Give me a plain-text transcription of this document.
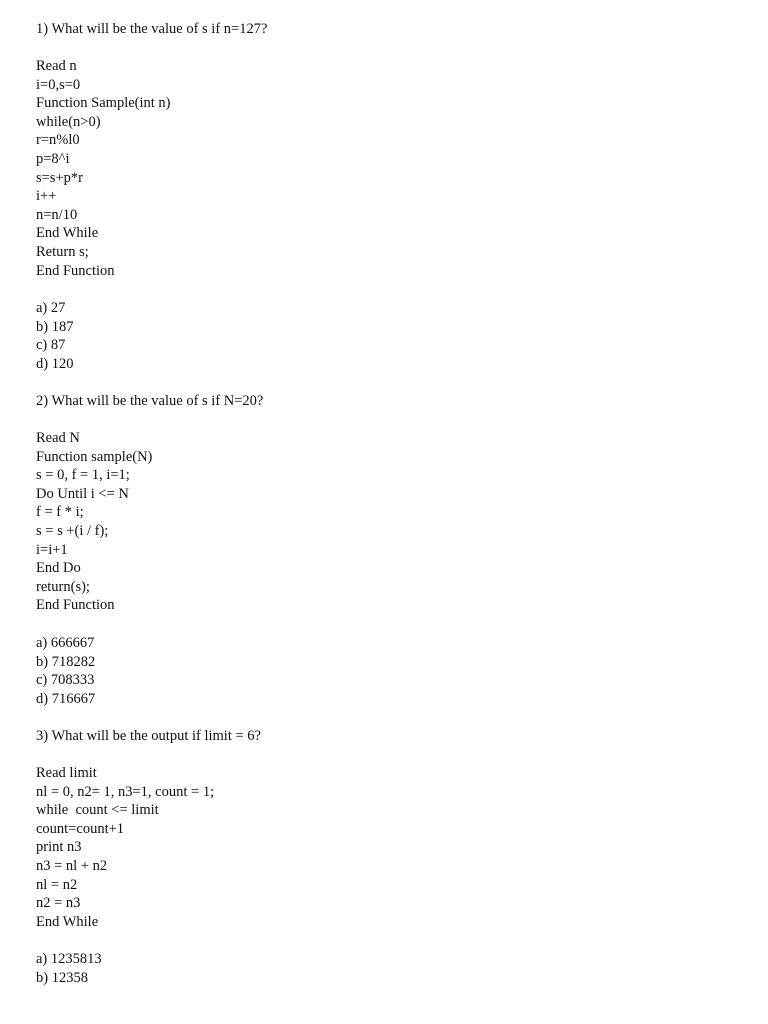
1) What will be the value of s if n=127?
Read n
i=0,s=0
Function Sample(int n)
while(n>0)
r=n%l0
p=8^i
s=s+p*r
i++
n=n/10
End While
Return s;
End Function
a) 27
b) 187
c) 87
d) 120
2) What will be the value of s if N=20?
Read N
Function sample(N)
s = 0, f = 1, i=1;
Do Until i <= N
f = f * i;
s = s +(i / f);
i=i+1
End Do
return(s);
End Function
a) 666667
b) 718282
c) 708333
d) 716667
3) What will be the output if limit = 6?
Read limit
nl = 0, n2= 1, n3=1, count = 1;
while  count <= limit
count=count+1
print n3
n3 = nl + n2
nl = n2
n2 = n3
End While
a) 1235813
b) 12358
